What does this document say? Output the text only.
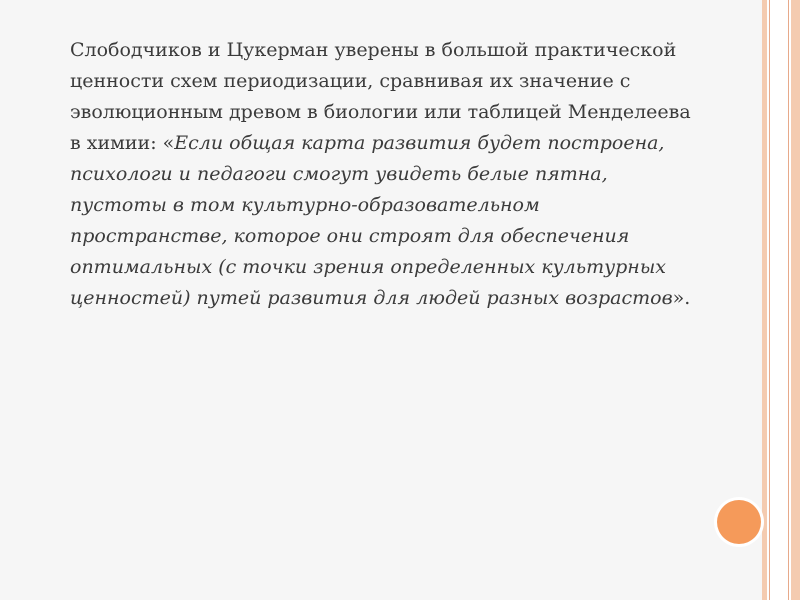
Слободчиков и Цукерман уверены в большой практической ценности схем периодизации, сравнивая их значение с эволюционным древом в биологии или таблицей Менделеева в химии: «Если общая карта развития будет построена, психологи и педагоги смогут увидеть белые пятна, пустоты в том культурно-образовательном пространстве, которое они строят для обеспечения оптимальных (с точки зрения определенных культурных ценностей) путей развития для людей разных возрастов».
